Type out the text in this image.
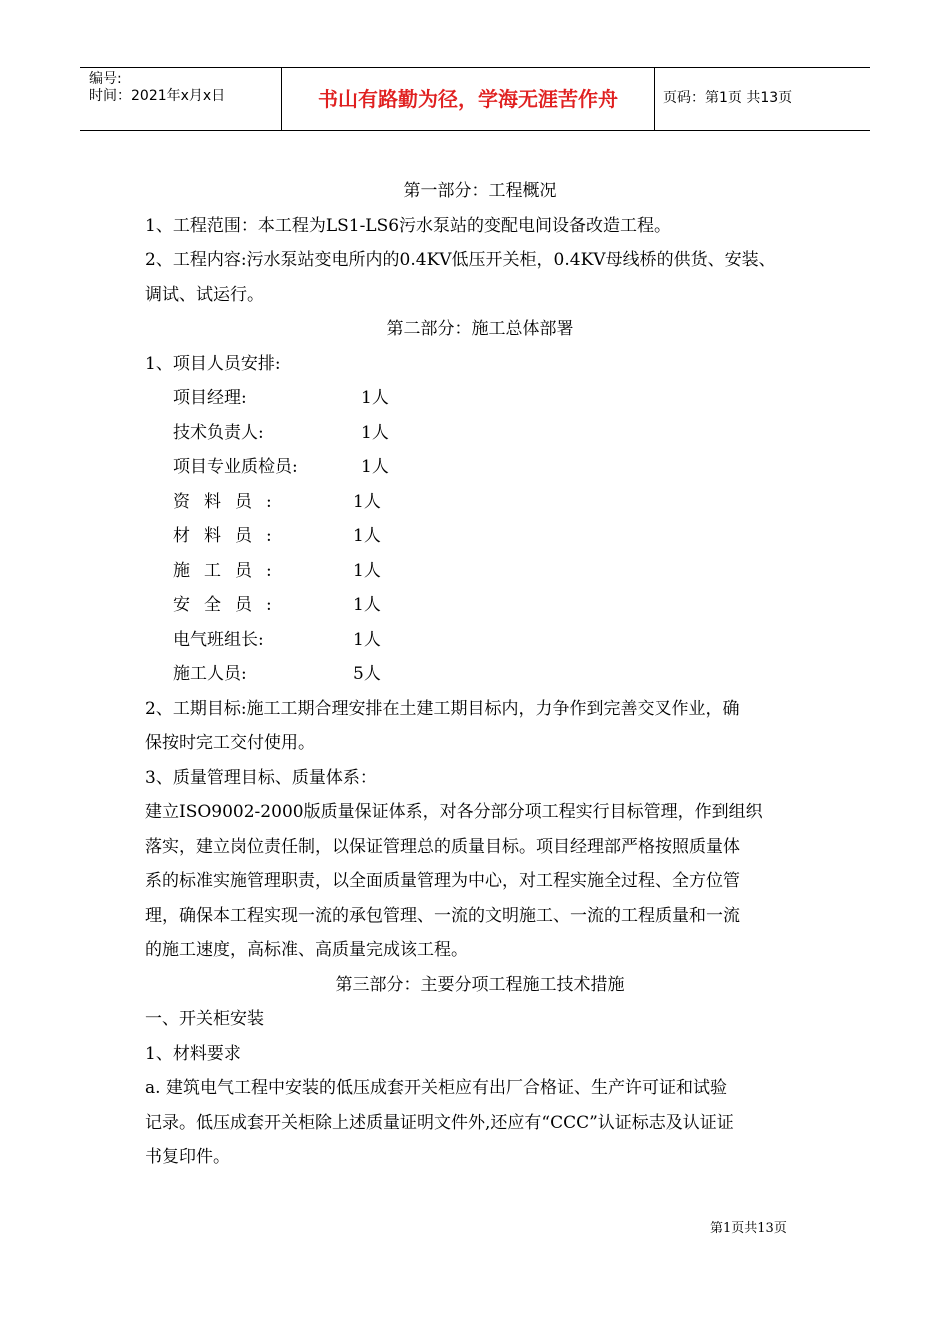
编号:
时间：2021年x月x日	书山有路勤为径，学海无涯苦作舟	页码：第1页 共13页
第一部分：工程概况
1、工程范围：本工程为LS1-LS6污水泵站的变配电间设备改造工程。
2、工程内容:污水泵站变电所内的0.4KV低压开关柜，0.4KV母线桥的供货、安装、
调试、试运行。
第二部分：施工总体部署
1、项目人员安排:
项目经理:	1人
技术负责人:	1人
项目专业质检员:	1人
资料员:	1人
材料员:	1人
施工员:	1人
安全员:	1人
电气班组长:	1人
施工人员:	5人
2、工期目标:施工工期合理安排在土建工期目标内，力争作到完善交叉作业，确
保按时完工交付使用。
3、质量管理目标、质量体系：
建立ISO9002-2000版质量保证体系，对各分部分项工程实行目标管理，作到组织
落实，建立岗位责任制，以保证管理总的质量目标。项目经理部严格按照质量体
系的标准实施管理职责，以全面质量管理为中心，对工程实施全过程、全方位管
理，确保本工程实现一流的承包管理、一流的文明施工、一流的工程质量和一流
的施工速度，高标准、高质量完成该工程。
第三部分：主要分项工程施工技术措施
一、开关柜安装
1、材料要求
a. 建筑电气工程中安装的低压成套开关柜应有出厂合格证、生产许可证和试验
记录。低压成套开关柜除上述质量证明文件外,还应有“CCC”认证标志及认证证
书复印件。
第1页共13页
